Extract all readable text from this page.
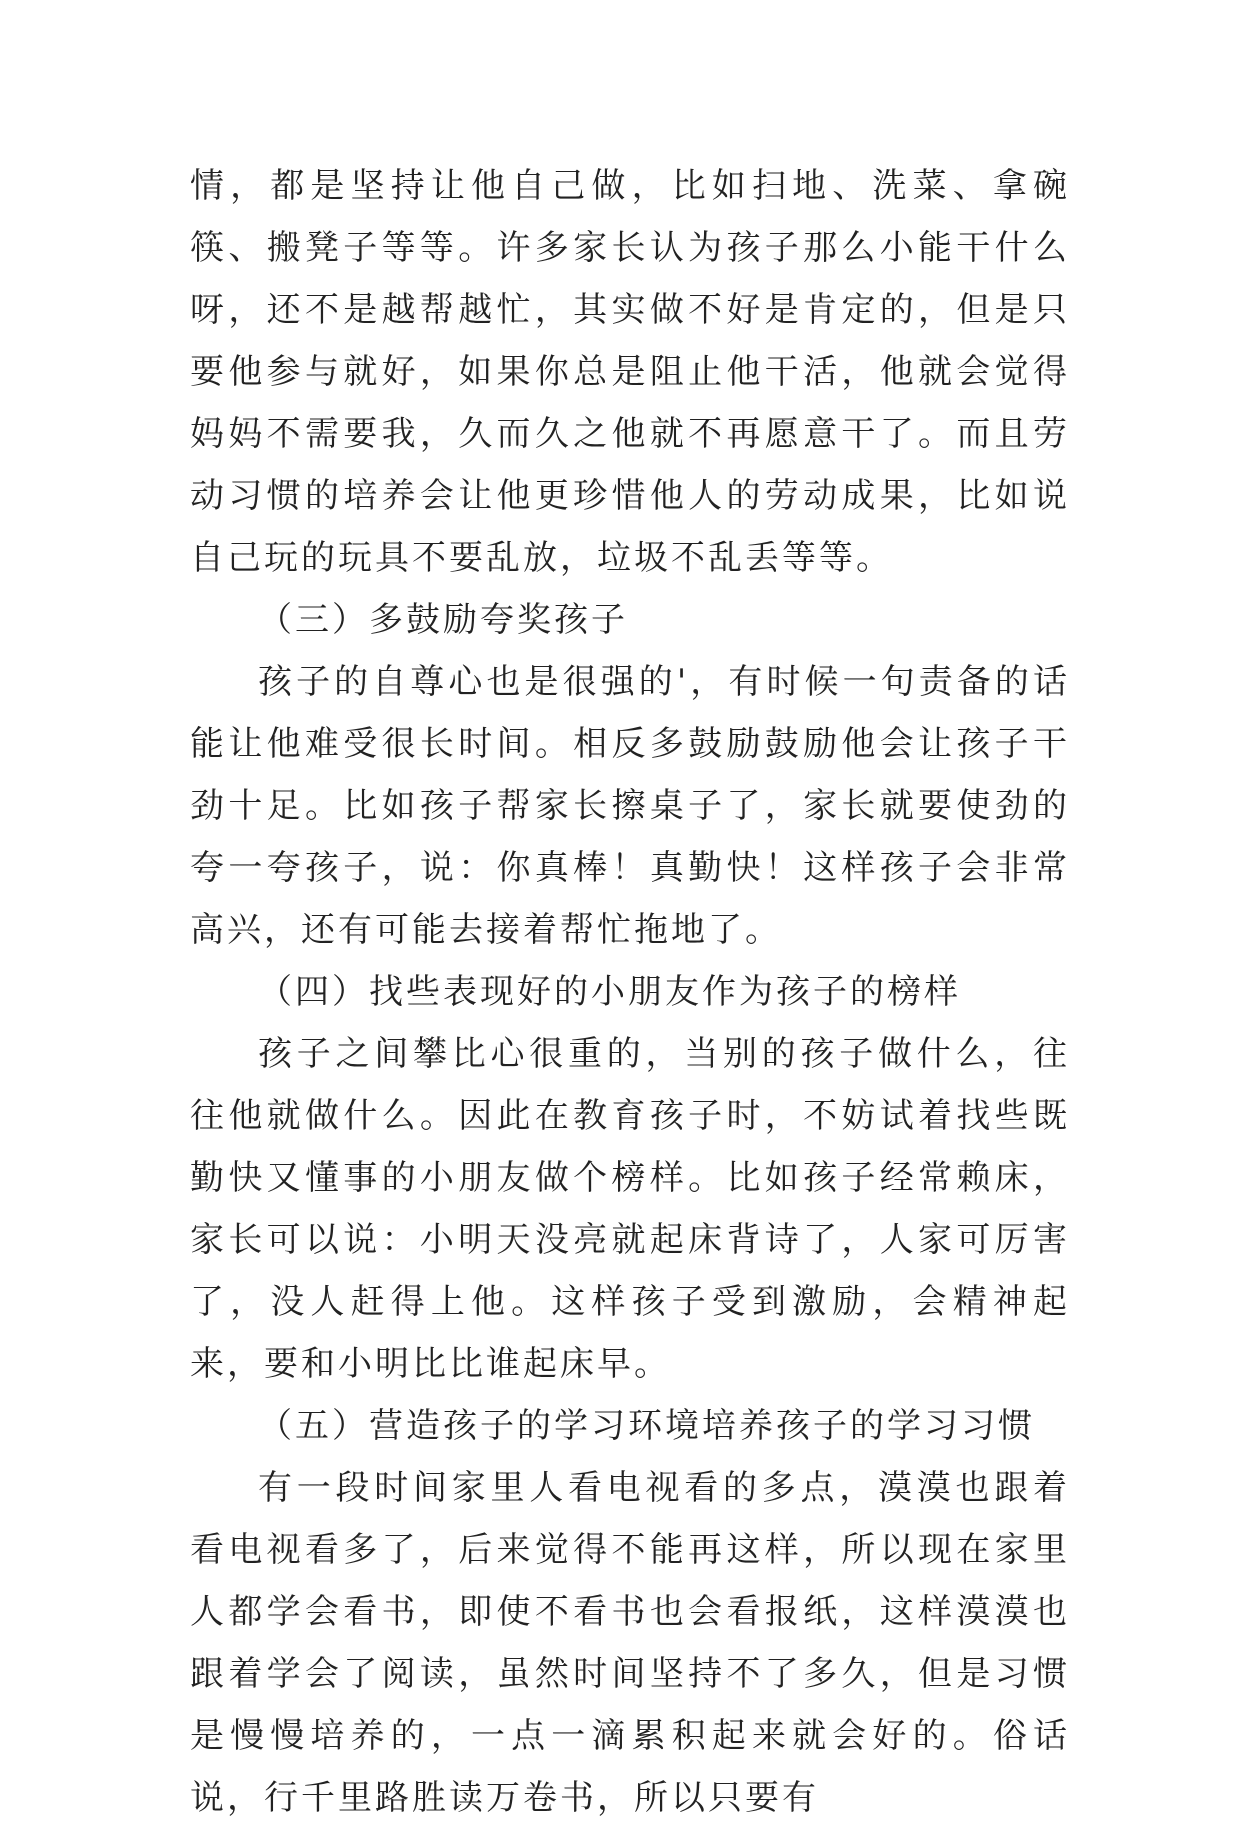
情，都是坚持让他自己做，比如扫地、洗菜、拿碗筷、搬凳子等等。许多家长认为孩子那么小能干什么呀，还不是越帮越忙，其实做不好是肯定的，但是只要他参与就好，如果你总是阻止他干活，他就会觉得妈妈不需要我，久而久之他就不再愿意干了。而且劳动习惯的培养会让他更珍惜他人的劳动成果，比如说自己玩的玩具不要乱放，垃圾不乱丢等等。

（三）多鼓励夸奖孩子

孩子的自尊心也是很强的'，有时候一句责备的话能让他难受很长时间。相反多鼓励鼓励他会让孩子干劲十足。比如孩子帮家长擦桌子了，家长就要使劲的夸一夸孩子，说：你真棒！真勤快！这样孩子会非常高兴，还有可能去接着帮忙拖地了。

（四）找些表现好的小朋友作为孩子的榜样

孩子之间攀比心很重的，当别的孩子做什么，往往他就做什么。因此在教育孩子时，不妨试着找些既勤快又懂事的小朋友做个榜样。比如孩子经常赖床，家长可以说：小明天没亮就起床背诗了，人家可厉害了，没人赶得上他。这样孩子受到激励，会精神起来，要和小明比比谁起床早。

（五）营造孩子的学习环境培养孩子的学习习惯

有一段时间家里人看电视看的多点，漠漠也跟着看电视看多了，后来觉得不能再这样，所以现在家里人都学会看书，即使不看书也会看报纸，这样漠漠也跟着学会了阅读，虽然时间坚持不了多久，但是习惯是慢慢培养的，一点一滴累积起来就会好的。俗话说，行千里路胜读万卷书，所以只要有
